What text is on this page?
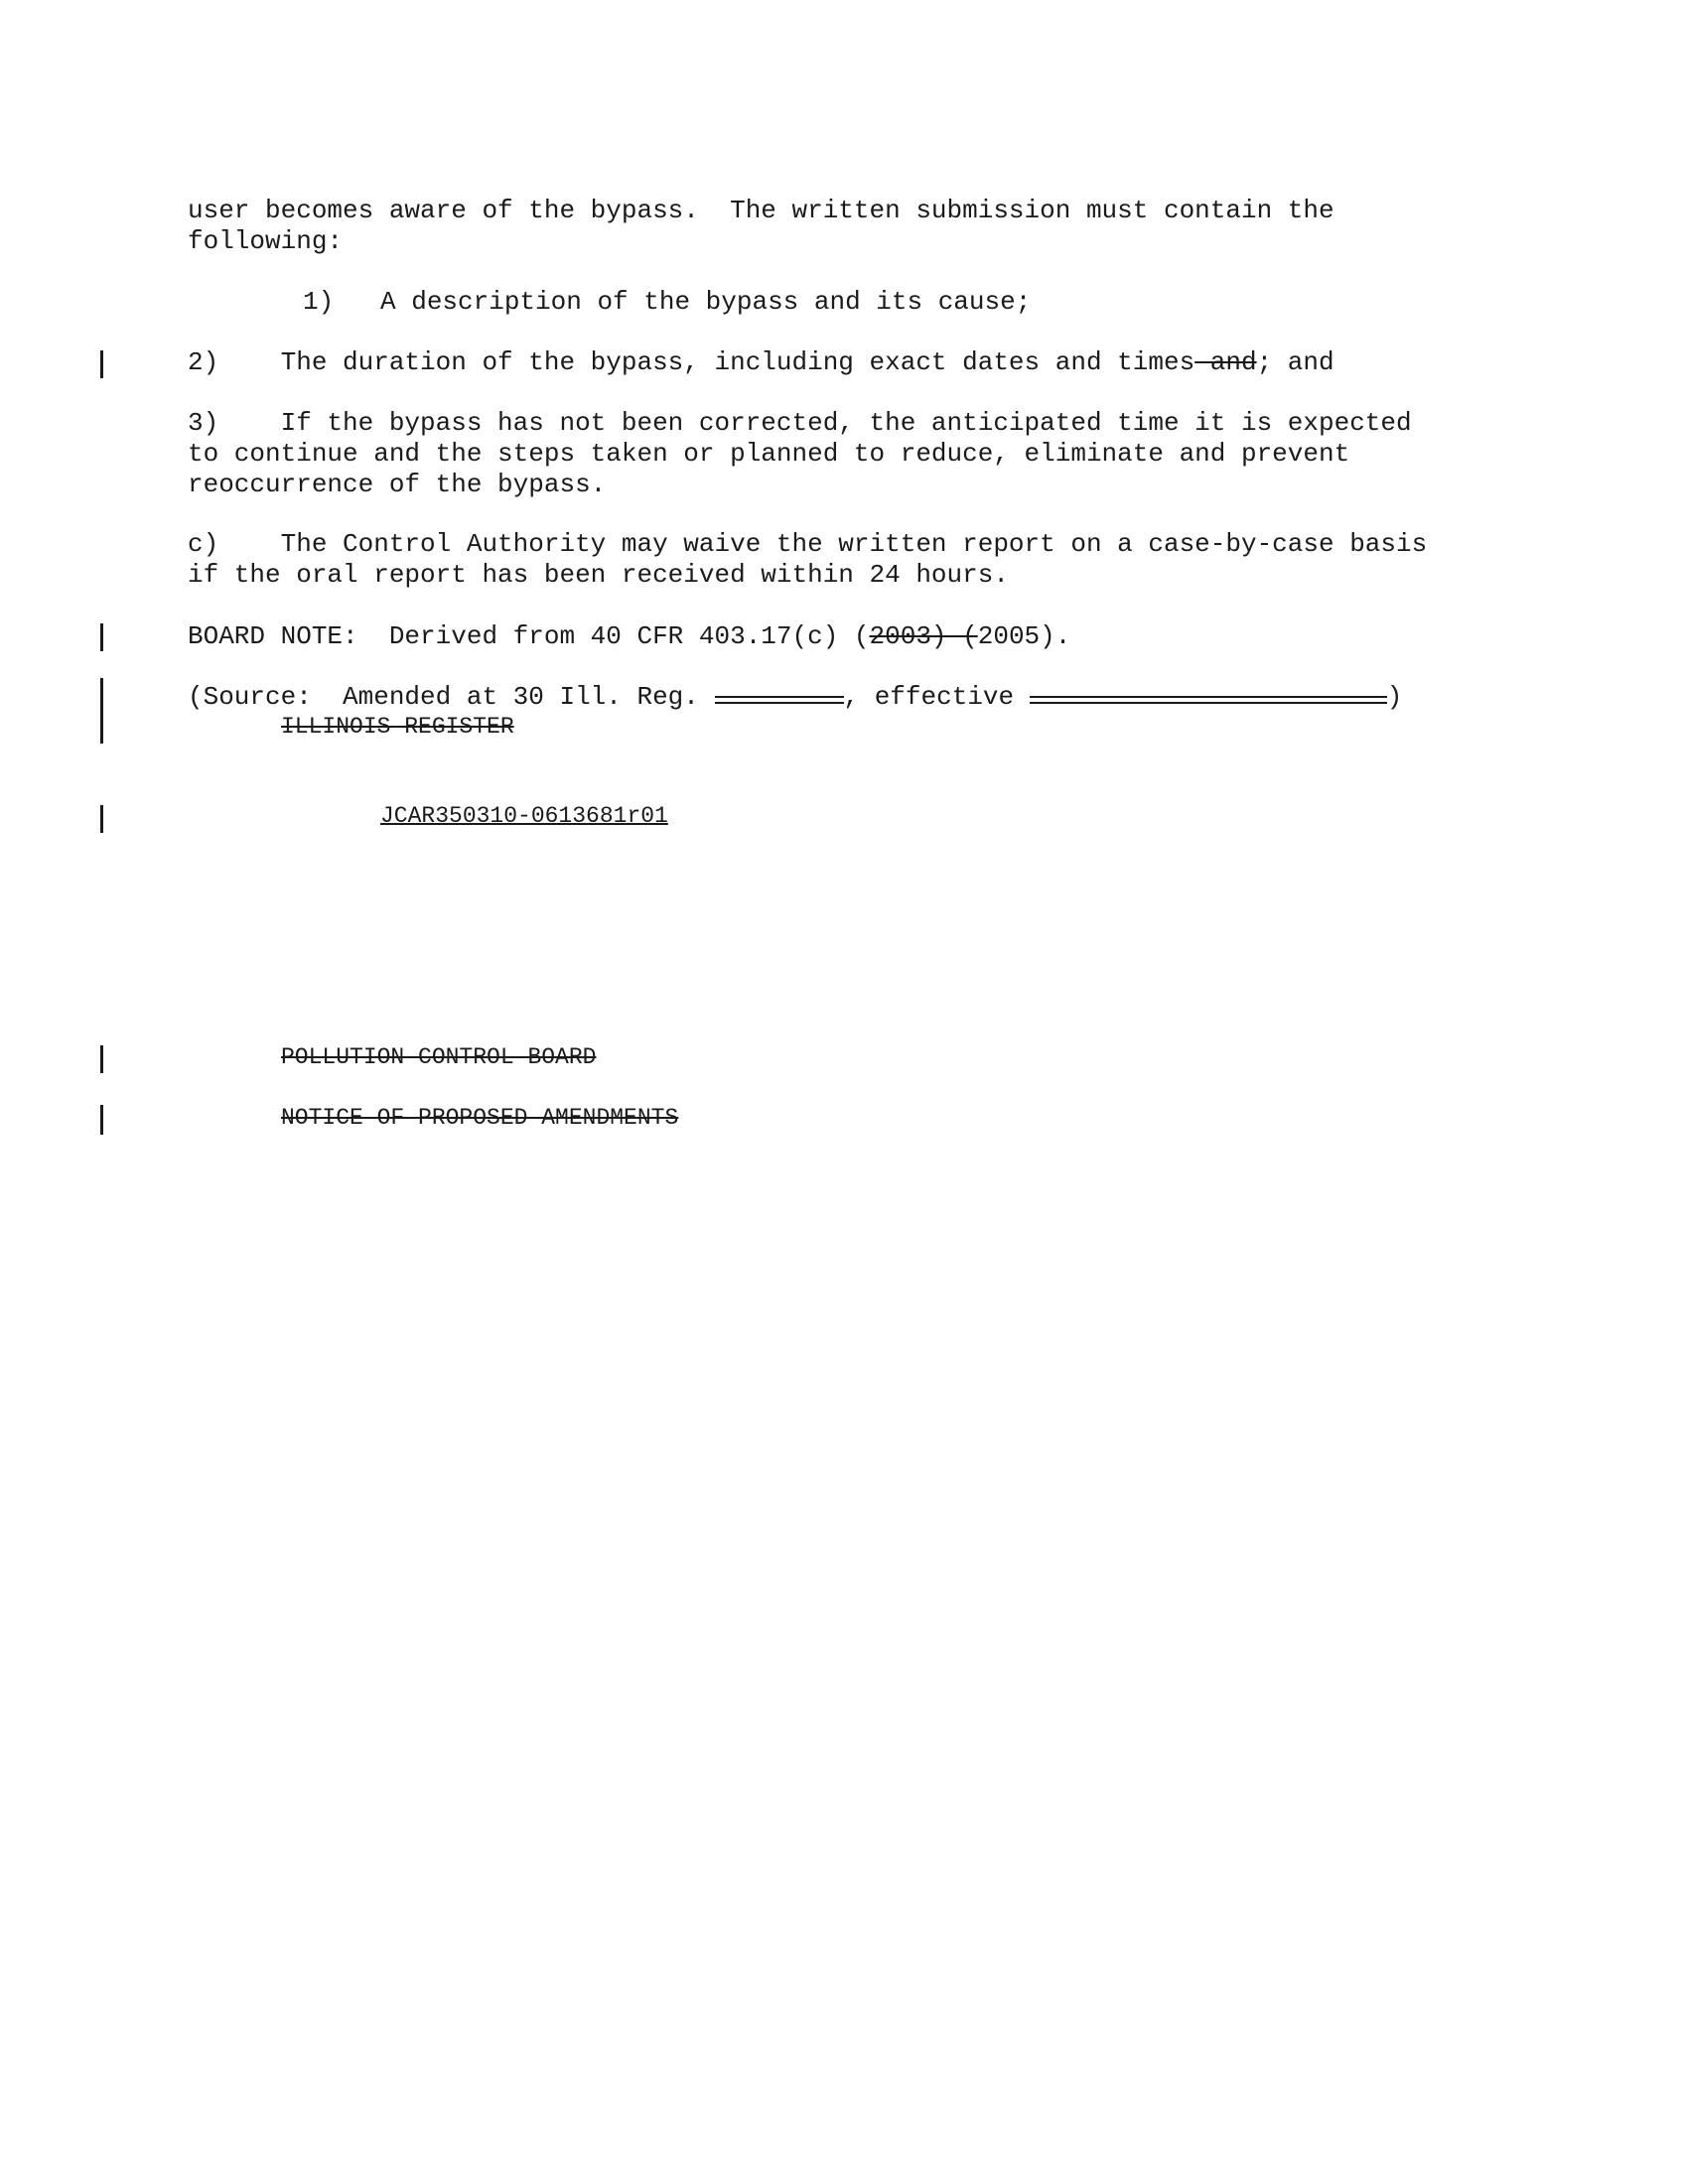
user becomes aware of the bypass.  The written submission must contain the
following:
1)   A description of the bypass and its cause;
2)    The duration of the bypass, including exact dates and times and; and
3)    If the bypass has not been corrected, the anticipated time it is expected
to continue and the steps taken or planned to reduce, eliminate and prevent
reoccurrence of the bypass.
c)    The Control Authority may waive the written report on a case-by-case basis
if the oral report has been received within 24 hours.
BOARD NOTE:  Derived from 40 CFR 403.17(c) (2003) (2005).
(Source:  Amended at 30 Ill. Reg.	, effective	)
ILLINOIS REGISTER
JCAR350310-0613681r01
POLLUTION CONTROL BOARD
NOTICE OF PROPOSED AMENDMENTS
